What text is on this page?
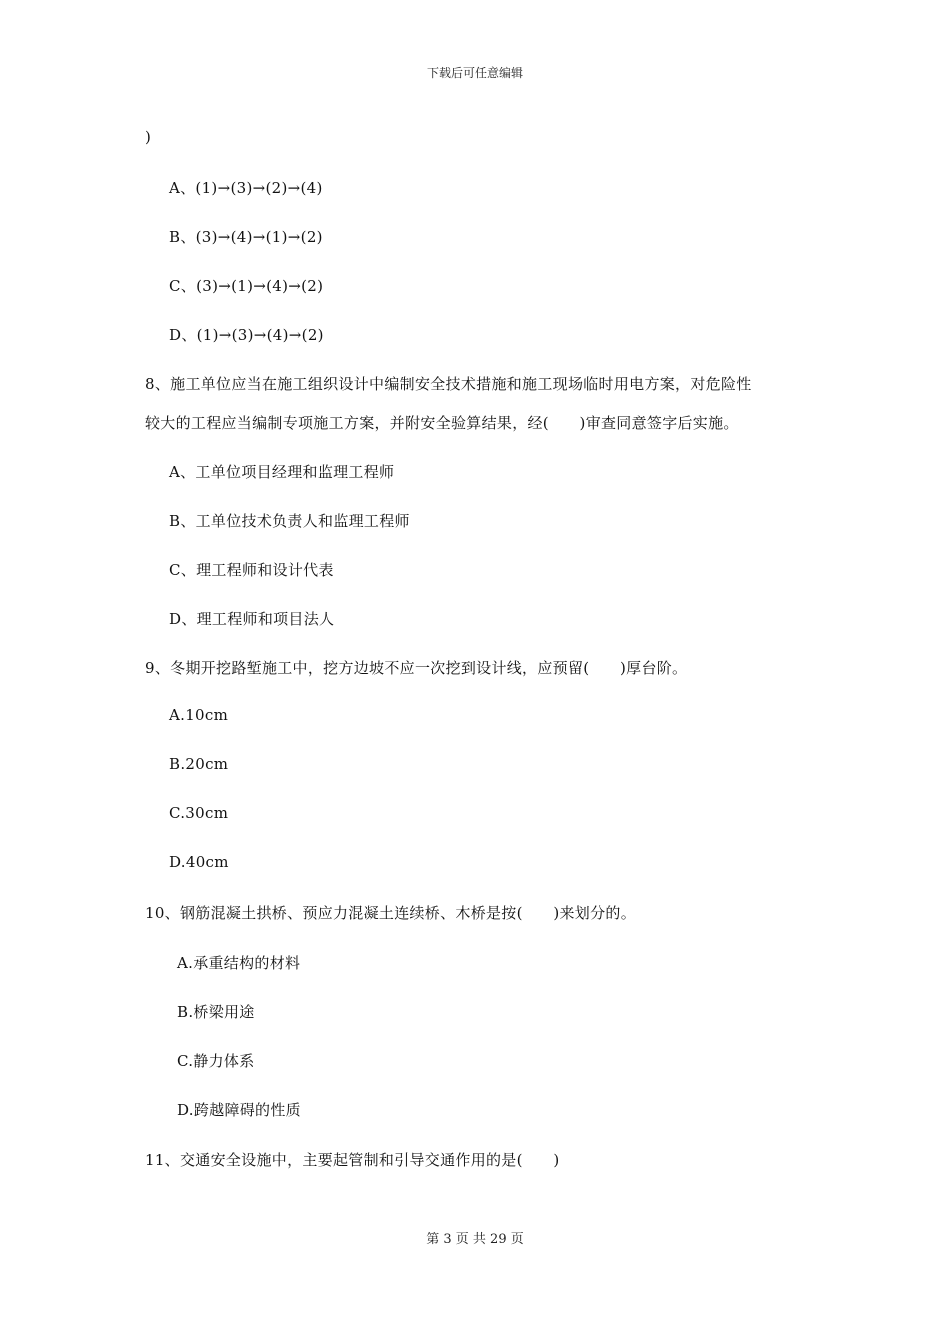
下载后可任意编辑
)
A、(1)→(3)→(2)→(4)
B、(3)→(4)→(1)→(2)
C、(3)→(1)→(4)→(2)
D、(1)→(3)→(4)→(2)
8、施工单位应当在施工组织设计中编制安全技术措施和施工现场临时用电方案，对危险性
较大的工程应当编制专项施工方案，并附安全验算结果，经(　　)审查同意签字后实施。
A、工单位项目经理和监理工程师
B、工单位技术负责人和监理工程师
C、理工程师和设计代表
D、理工程师和项目法人
9、冬期开挖路堑施工中，挖方边坡不应一次挖到设计线，应预留(　　)厚台阶。
A.10cm
B.20cm
C.30cm
D.40cm
10、钢筋混凝土拱桥、预应力混凝土连续桥、木桥是按(　　)来划分的。
A.承重结构的材料
B.桥梁用途
C.静力体系
D.跨越障碍的性质
11、交通安全设施中，主要起管制和引导交通作用的是(　　)
第 3 页 共 29 页
